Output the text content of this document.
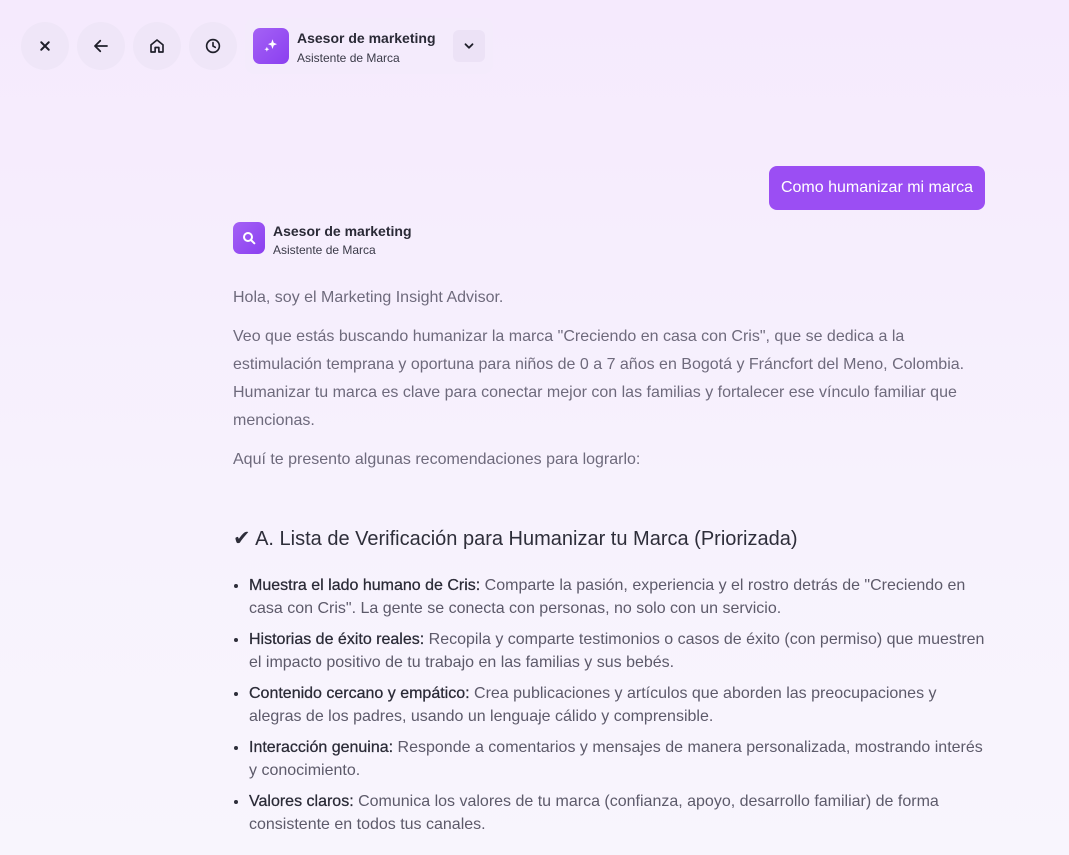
Asesor de marketing
Asistente de Marca
Como humanizar mi marca
Asesor de marketing
Asistente de Marca

Hola, soy el Marketing Insight Advisor.

Veo que estás buscando humanizar la marca "Creciendo en casa con Cris", que se dedica a la estimulación temprana y oportuna para niños de 0 a 7 años en Bogotá y Fráncfort del Meno, Colombia. Humanizar tu marca es clave para conectar mejor con las familias y fortalecer ese vínculo familiar que mencionas.

Aquí te presento algunas recomendaciones para lograrlo:

✔ A. Lista de Verificación para Humanizar tu Marca (Priorizada)
• Muestra el lado humano de Cris: Comparte la pasión, experiencia y el rostro detrás de "Creciendo en casa con Cris". La gente se conecta con personas, no solo con un servicio.
• Historias de éxito reales: Recopila y comparte testimonios o casos de éxito (con permiso) que muestren el impacto positivo de tu trabajo en las familias y sus bebés.
• Contenido cercano y empático: Crea publicaciones y artículos que aborden las preocupaciones y alegras de los padres, usando un lenguaje cálido y comprensible.
• Interacción genuina: Responde a comentarios y mensajes de manera personalizada, mostrando interés y conocimiento.
• Valores claros: Comunica los valores de tu marca (confianza, apoyo, desarrollo familiar) de forma consistente en todos tus canales.
